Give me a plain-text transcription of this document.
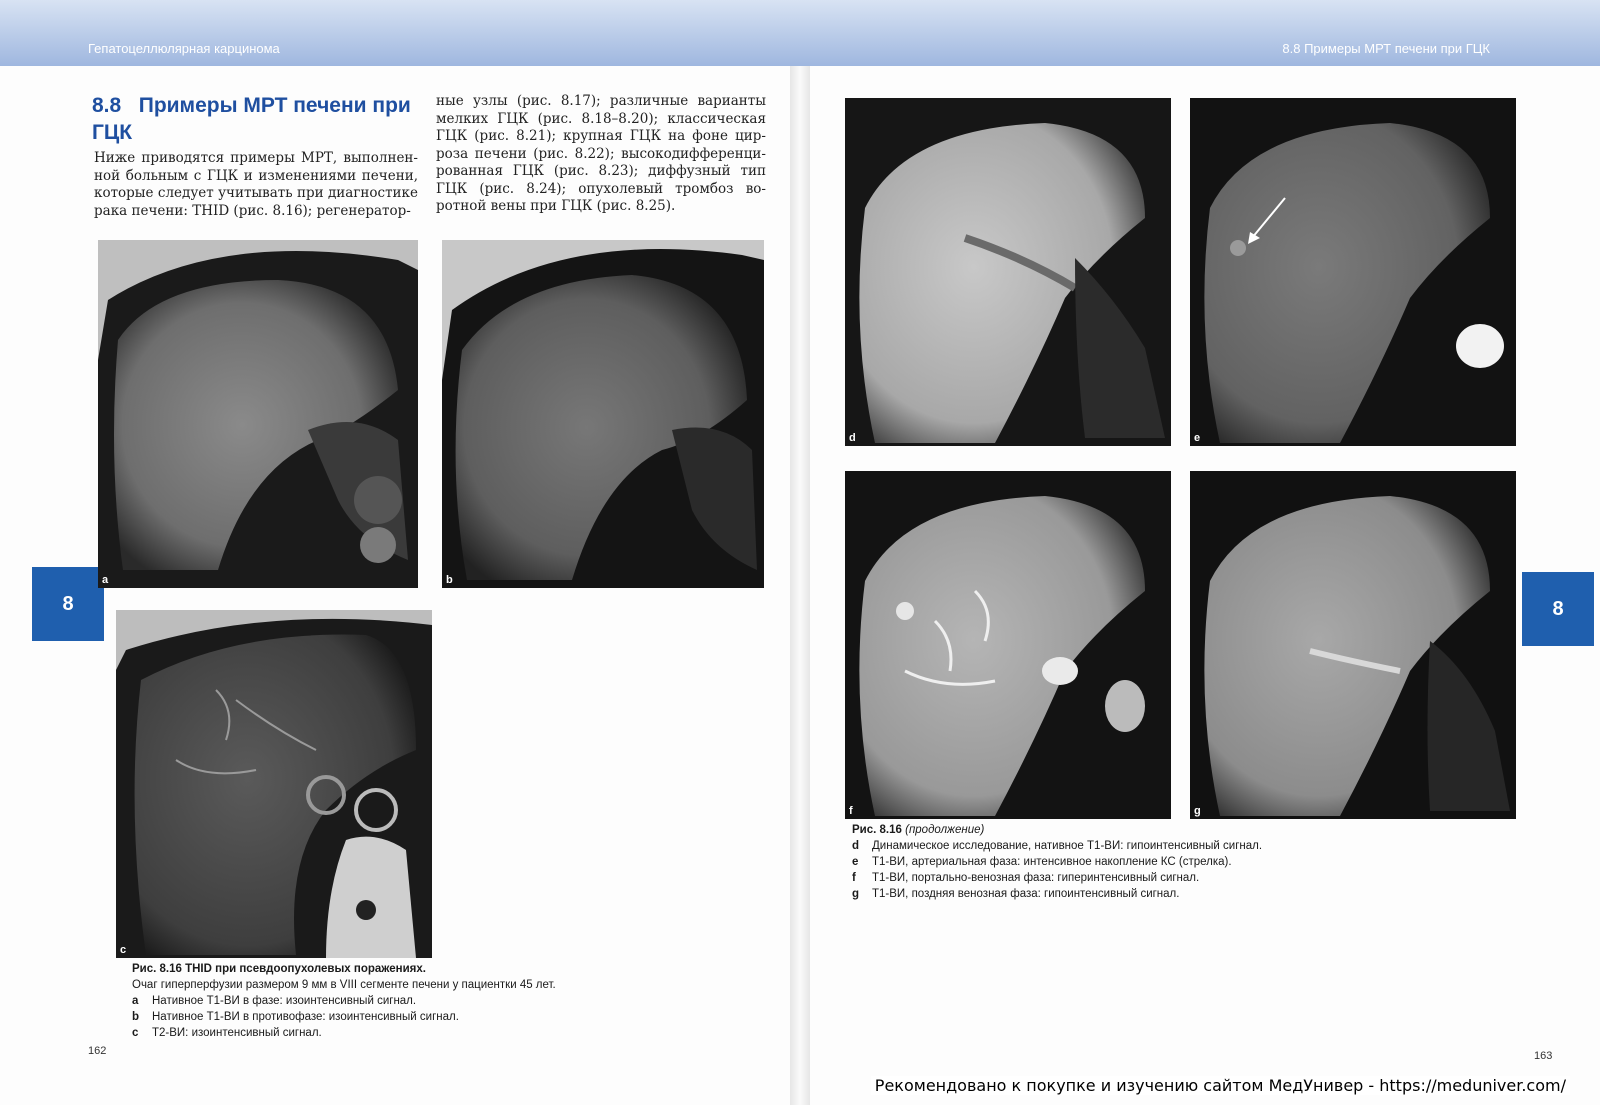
Гепатоцеллюлярная карцинома	8.8 Примеры МРТ печени при ГЦК
8	8
8.8 Примеры МРТ печени при ГЦК
Ниже приводятся примеры МРТ, выполнен-ной больным с ГЦК и изменениями печени, которые следует учитывать при диагностике рака печени: THID (рис. 8.16); регенератор-
ные узлы (рис. 8.17); различные варианты мелких ГЦК (рис. 8.18–8.20); классическая ГЦК (рис. 8.21); крупная ГЦК на фоне цир-роза печени (рис. 8.22); высокодифференци-рованная ГЦК (рис. 8.23); диффузный тип ГЦК (рис. 8.24); опухолевый тромбоз во-ротной вены при ГЦК (рис. 8.25).
a	b
c
Рис. 8.16 THID при псевдоопухолевых поражениях.
Очаг гиперперфузии размером 9 мм в VIII сегменте печени у пациентки 45 лет.
a	Нативное T1-ВИ в фазе: изоинтенсивный сигнал.
b	Нативное T1-ВИ в противофазе: изоинтенсивный сигнал.
c	T2-ВИ: изоинтенсивный сигнал.
162
d	e
f	g
Рис. 8.16 (продолжение)
d	Динамическое исследование, нативное T1-ВИ: гипоинтенсивный сигнал.
e	T1-ВИ, артериальная фаза: интенсивное накопление КС (стрелка).
f	T1-ВИ, портально-венозная фаза: гиперинтенсивный сигнал.
g	T1-ВИ, поздняя венозная фаза: гипоинтенсивный сигнал.
163
Рекомендовано к покупке и изучению сайтом МедУнивер - https://meduniver.com/
